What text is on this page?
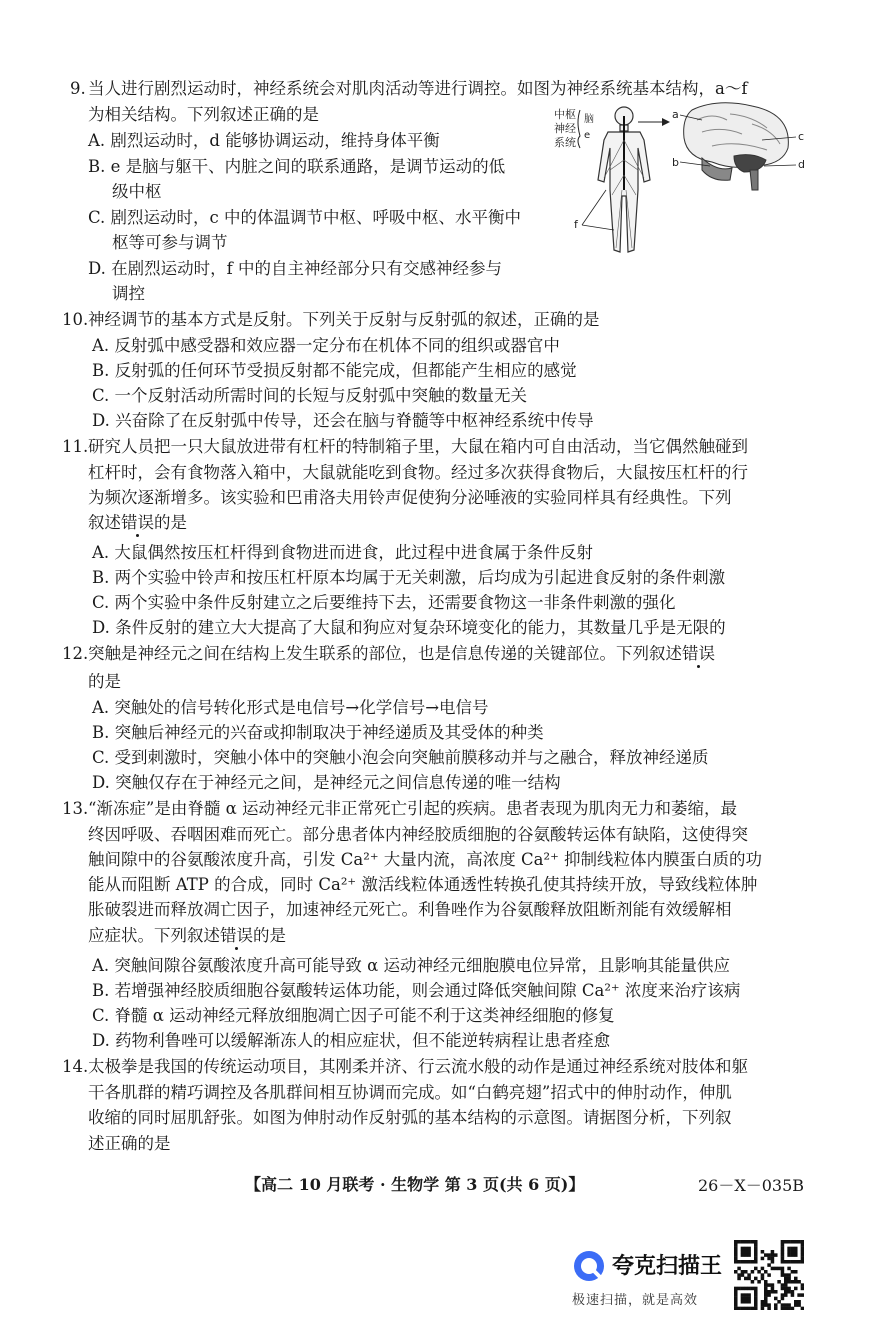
9. 当人进行剧烈运动时，神经系统会对肌肉活动等进行调控。如图为神经系统基本结构，a～f
为相关结构。下列叙述正确的是
A. 剧烈运动时，d 能够协调运动，维持身体平衡
B. e 是脑与躯干、内脏之间的联系通路，是调节运动的低
级中枢
C. 剧烈运动时，c 中的体温调节中枢、呼吸中枢、水平衡中
枢等可参与调节
D. 在剧烈运动时，f 中的自主神经部分只有交感神经参与
调控
中枢
神经
系统
脑
e
f
a
b
c
d
10. 神经调节的基本方式是反射。下列关于反射与反射弧的叙述，正确的是
A. 反射弧中感受器和效应器一定分布在机体不同的组织或器官中
B. 反射弧的任何环节受损反射都不能完成，但都能产生相应的感觉
C. 一个反射活动所需时间的长短与反射弧中突触的数量无关
D. 兴奋除了在反射弧中传导，还会在脑与脊髓等中枢神经系统中传导
11. 研究人员把一只大鼠放进带有杠杆的特制箱子里，大鼠在箱内可自由活动，当它偶然触碰到
杠杆时，会有食物落入箱中，大鼠就能吃到食物。经过多次获得食物后，大鼠按压杠杆的行
为频次逐渐增多。该实验和巴甫洛夫用铃声促使狗分泌唾液的实验同样具有经典性。下列
叙述错误的是
A. 大鼠偶然按压杠杆得到食物进而进食，此过程中进食属于条件反射
B. 两个实验中铃声和按压杠杆原本均属于无关刺激，后均成为引起进食反射的条件刺激
C. 两个实验中条件反射建立之后要维持下去，还需要食物这一非条件刺激的强化
D. 条件反射的建立大大提高了大鼠和狗应对复杂环境变化的能力，其数量几乎是无限的
12. 突触是神经元之间在结构上发生联系的部位，也是信息传递的关键部位。下列叙述错误
的是
A. 突触处的信号转化形式是电信号→化学信号→电信号
B. 突触后神经元的兴奋或抑制取决于神经递质及其受体的种类
C. 受到刺激时，突触小体中的突触小泡会向突触前膜移动并与之融合，释放神经递质
D. 突触仅存在于神经元之间，是神经元之间信息传递的唯一结构
13. “渐冻症”是由脊髓 α 运动神经元非正常死亡引起的疾病。患者表现为肌肉无力和萎缩，最
终因呼吸、吞咽困难而死亡。部分患者体内神经胶质细胞的谷氨酸转运体有缺陷，这使得突
触间隙中的谷氨酸浓度升高，引发 Ca²⁺ 大量内流，高浓度 Ca²⁺ 抑制线粒体内膜蛋白质的功
能从而阻断 ATP 的合成，同时 Ca²⁺ 激活线粒体通透性转换孔使其持续开放，导致线粒体肿
胀破裂进而释放凋亡因子，加速神经元死亡。利鲁唑作为谷氨酸释放阻断剂能有效缓解相
应症状。下列叙述错误的是
A. 突触间隙谷氨酸浓度升高可能导致 α 运动神经元细胞膜电位异常，且影响其能量供应
B. 若增强神经胶质细胞谷氨酸转运体功能，则会通过降低突触间隙 Ca²⁺ 浓度来治疗该病
C. 脊髓 α 运动神经元释放细胞凋亡因子可能不利于这类神经细胞的修复
D. 药物利鲁唑可以缓解渐冻人的相应症状，但不能逆转病程让患者痊愈
14. 太极拳是我国的传统运动项目，其刚柔并济、行云流水般的动作是通过神经系统对肢体和躯
干各肌群的精巧调控及各肌群间相互协调而完成。如“白鹤亮翅”招式中的伸肘动作，伸肌
收缩的同时屈肌舒张。如图为伸肘动作反射弧的基本结构的示意图。请据图分析，下列叙
述正确的是
【高二 10 月联考 · 生物学 第 3 页(共 6 页)】	26－X－035B
夸克扫描王
极速扫描，就是高效
